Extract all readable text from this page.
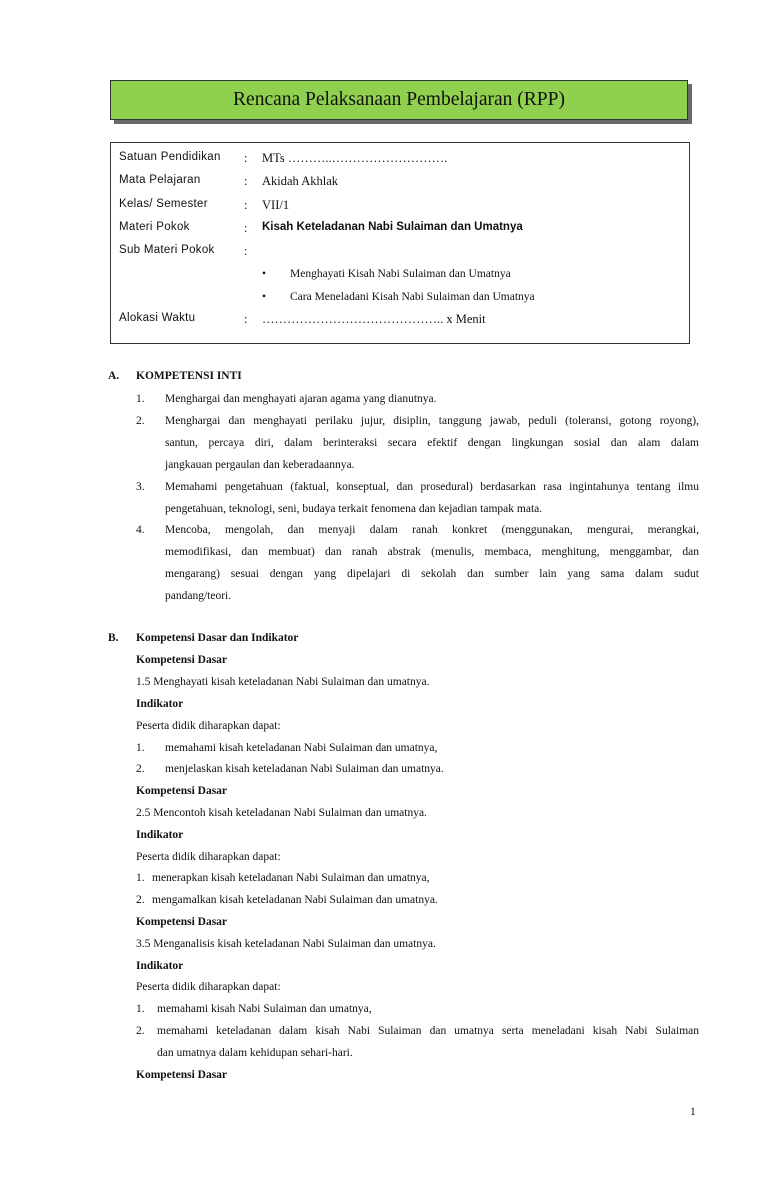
Rencana Pelaksanaan Pembelajaran (RPP)
Satuan Pendidikan : MTs ………..……………………….
Mata Pelajaran	: Akidah Akhlak
Kelas/ Semester	: VII/1
Materi Pokok	: Kisah Keteladanan Nabi Sulaiman dan Umatnya
Sub Materi Pokok :
• Menghayati Kisah Nabi Sulaiman dan Umatnya
• Cara Meneladani Kisah Nabi Sulaiman dan Umatnya
Alokasi Waktu	: …………………………………….. x Menit
A. KOMPETENSI INTI
1. Menghargai dan menghayati ajaran agama yang dianutnya.
2. Menghargai dan menghayati perilaku jujur, disiplin, tanggung jawab, peduli (toleransi, gotong royong),
santun, percaya diri, dalam berinteraksi secara efektif dengan lingkungan sosial dan alam dalam
jangkauan pergaulan dan keberadaannya.
3. Memahami pengetahuan (faktual, konseptual, dan prosedural) berdasarkan rasa ingintahunya tentang ilmu
pengetahuan, teknologi, seni, budaya terkait fenomena dan kejadian tampak mata.
4. Mencoba, mengolah, dan menyaji dalam ranah konkret (menggunakan, mengurai, merangkai,
memodifikasi, dan membuat) dan ranah abstrak (menulis, membaca, menghitung, menggambar, dan
mengarang) sesuai dengan yang dipelajari di sekolah dan sumber lain yang sama dalam sudut
pandang/teori.
B. Kompetensi Dasar dan Indikator
Kompetensi Dasar
1.5 Menghayati kisah keteladanan Nabi Sulaiman dan umatnya.
Indikator
Peserta didik diharapkan dapat:
1. memahami kisah keteladanan Nabi Sulaiman dan umatnya,
2. menjelaskan kisah keteladanan Nabi Sulaiman dan umatnya.
Kompetensi Dasar
2.5 Mencontoh kisah keteladanan Nabi Sulaiman dan umatnya.
Indikator
Peserta didik diharapkan dapat:
1. menerapkan kisah keteladanan Nabi Sulaiman dan umatnya,
2. mengamalkan kisah keteladanan Nabi Sulaiman dan umatnya.
Kompetensi Dasar
3.5 Menganalisis kisah keteladanan Nabi Sulaiman dan umatnya.
Indikator
Peserta didik diharapkan dapat:
1. memahami kisah Nabi Sulaiman dan umatnya,
2. memahami keteladanan dalam kisah Nabi Sulaiman dan umatnya serta meneladani kisah Nabi Sulaiman
dan umatnya dalam kehidupan sehari-hari.
Kompetensi Dasar
1
